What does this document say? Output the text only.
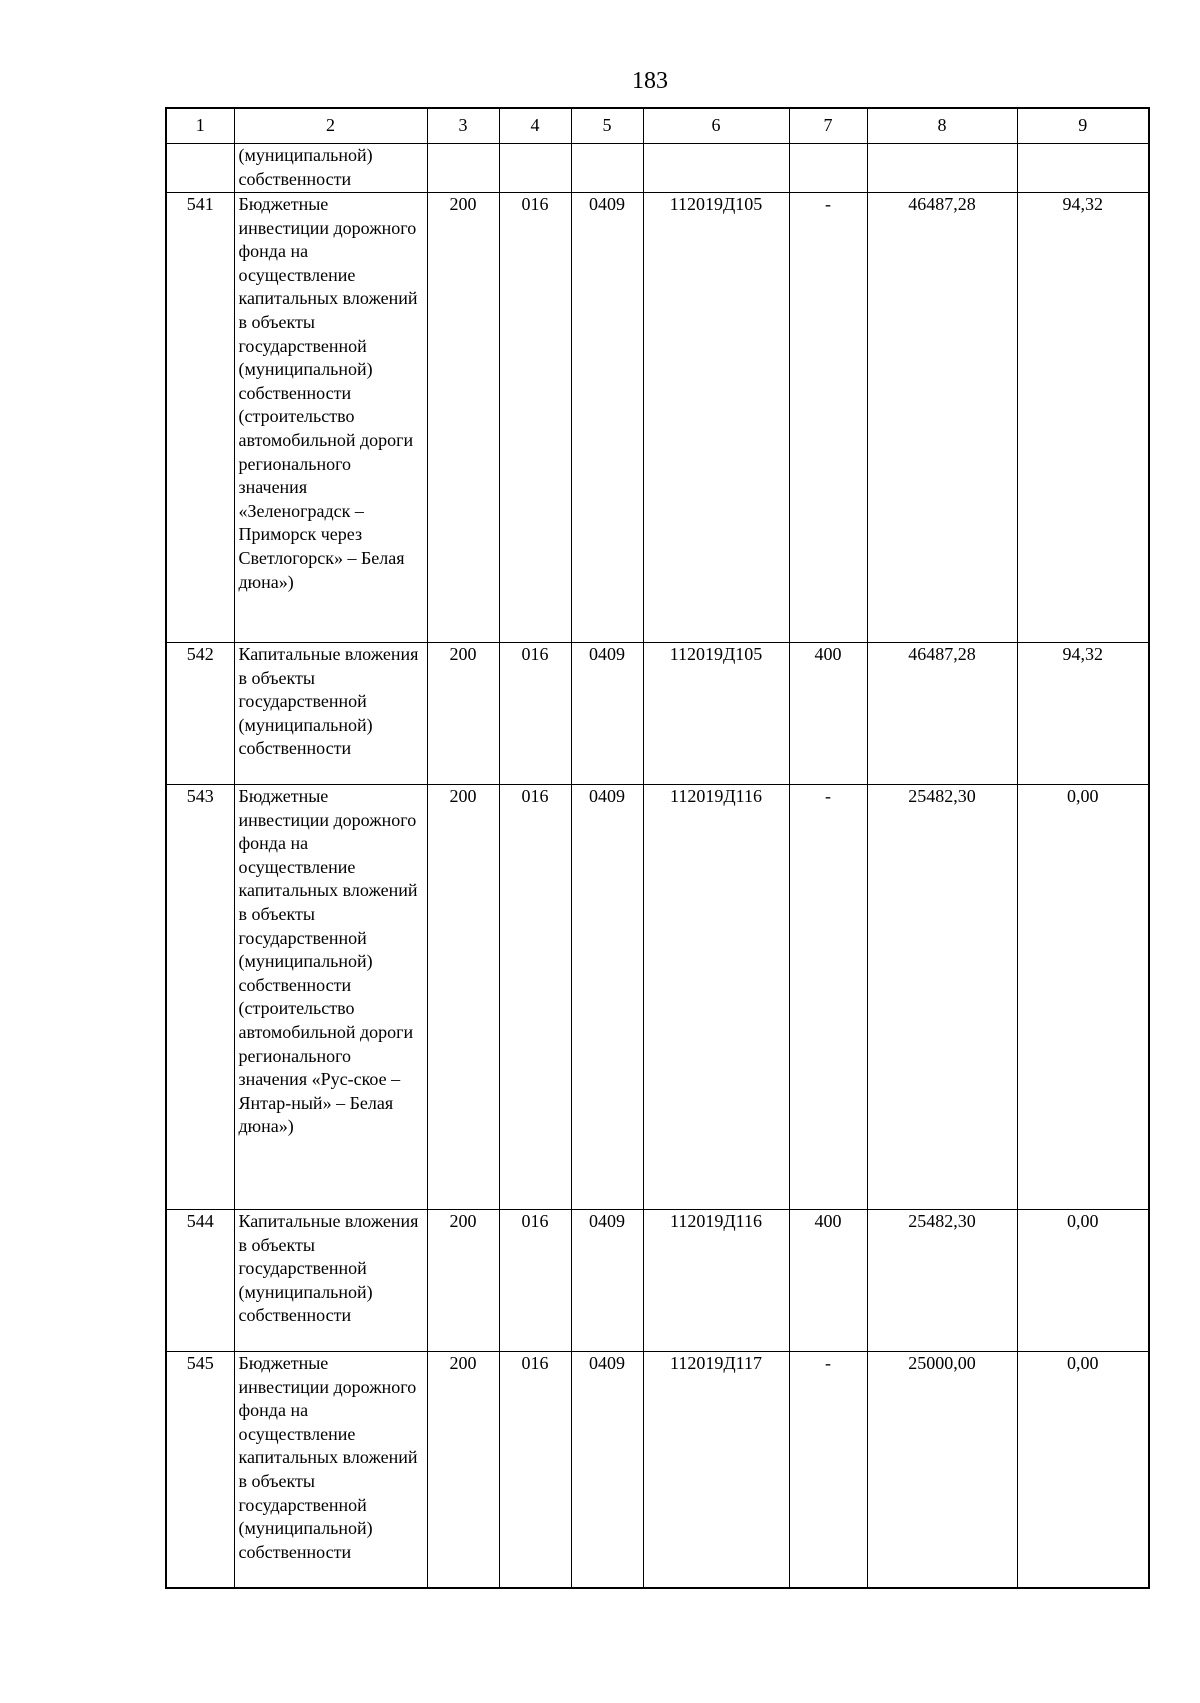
183
1	2	3	4	5	6	7	8	9
	(муниципальной) собственности							
541	Бюджетные инвестиции дорожного фонда на осуществление капитальных вложений в объекты государственной (муниципальной) собственности (строительство автомобильной дороги регионального значения «Зеленоградск – Приморск через Светлогорск» – Белая дюна»)	200	016	0409	112019Д105	-	46487,28	94,32
542	Капитальные вложения в объекты государственной (муниципальной) собственности	200	016	0409	112019Д105	400	46487,28	94,32
543	Бюджетные инвестиции дорожного фонда на осуществление капитальных вложений в объекты государственной (муниципальной) собственности (строительство автомобильной дороги регионального значения «Рус-ское – Янтар-ный» – Белая дюна»)	200	016	0409	112019Д116	-	25482,30	0,00
544	Капитальные вложения в объекты государственной (муниципальной) собственности	200	016	0409	112019Д116	400	25482,30	0,00
545	Бюджетные инвестиции дорожного фонда на осуществление капитальных вложений в объекты государственной (муниципальной) собственности	200	016	0409	112019Д117	-	25000,00	0,00
